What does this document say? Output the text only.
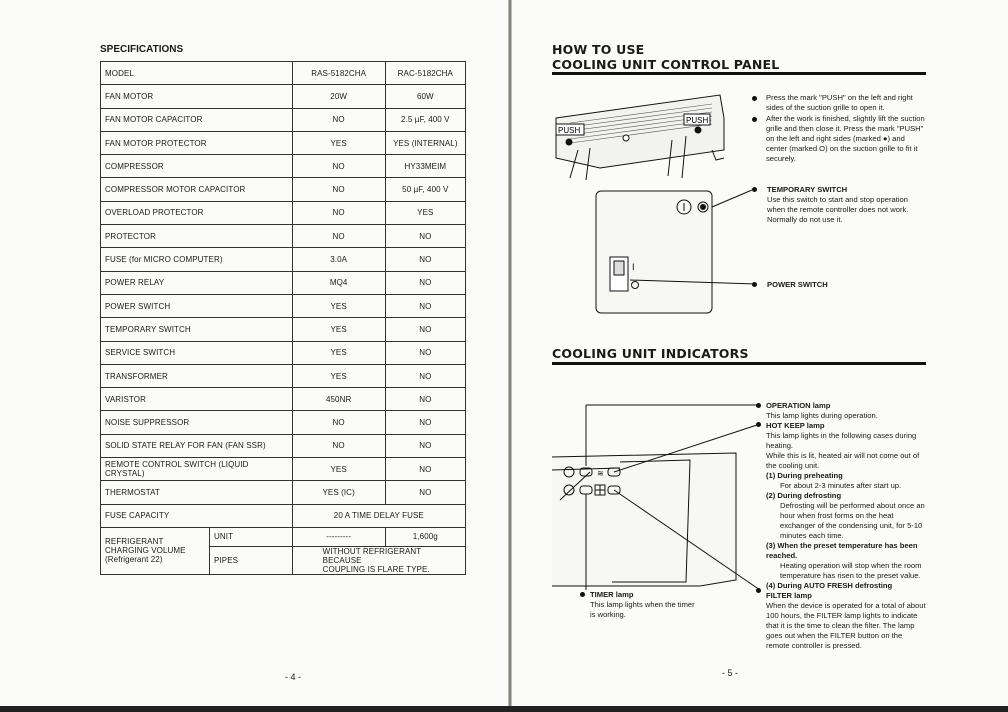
SPECIFICATIONS
MODEL		RAS-5182CHA	RAC-5182CHA
FAN MOTOR		20W	60W
FAN MOTOR CAPACITOR		NO	2.5 µF, 400 V
FAN MOTOR PROTECTOR		YES	YES (INTERNAL)
COMPRESSOR		NO	HY33MEIM
COMPRESSOR MOTOR CAPACITOR		NO	50 µF, 400 V
OVERLOAD PROTECTOR		NO	YES
PROTECTOR		NO	NO
FUSE (for MICRO COMPUTER)		3.0A	NO
POWER RELAY		MQ4	NO
POWER SWITCH		YES	NO
TEMPORARY SWITCH		YES	NO
SERVICE SWITCH		YES	NO
TRANSFORMER		YES	NO
VARISTOR		450NR	NO
NOISE SUPPRESSOR		NO	NO
SOLID STATE RELAY FOR FAN (FAN SSR)		NO	NO
REMOTE CONTROL SWITCH (LIQUID CRYSTAL)		YES	NO
THERMOSTAT		YES (IC)	NO
FUSE CAPACITY		20 A TIME DELAY FUSE	

REFRIGERANT
CHARGING VOLUME
(Refrigerant 22)	UNIT	---------	1,600g
	PIPES	WITHOUT REFRIGERANT BECAUSE
COUPLING IS FLARE TYPE.	
- 4 -
HOW TO USE
COOLING UNIT CONTROL PANEL
PUSH
PUSH
I
≋
Press the mark "PUSH" on the left and right sides of the suction grille to open it.
After the work is finished, slightly lift the suction grille and then close it. Press the mark "PUSH" on the left and right sides (marked ●) and center (marked O) on the suction grille to fit it securely.
TEMPORARY SWITCH
Use this switch to start and stop operation when the remote controller does not work. Normally do not use it.
POWER SWITCH
COOLING UNIT INDICATORS
OPERATION lamp
This lamp lights during operation.
HOT KEEP lamp
This lamp lights in the following cases during heating.
While this is lit, heated air will not come out of the cooling unit.
(1) During preheating
For about 2-3 minutes after start up.
(2) During defrosting
Defrosting will be performed about once an hour when frost forms on the heat exchanger of the condensing unit, for 5-10 minutes each time.
(3) When the preset temperature has been reached.
Heating operation will stop when the room temperature has risen to the preset value.
(4) During AUTO FRESH defrosting
FILTER lamp
When the device is operated for a total of about 100 hours, the FILTER lamp lights to indicate that it is the time to clean the filter. The lamp goes out when the FILTER button on the remote controller is pressed.
TIMER lamp
This lamp lights when the timer is working.
- 5 -
